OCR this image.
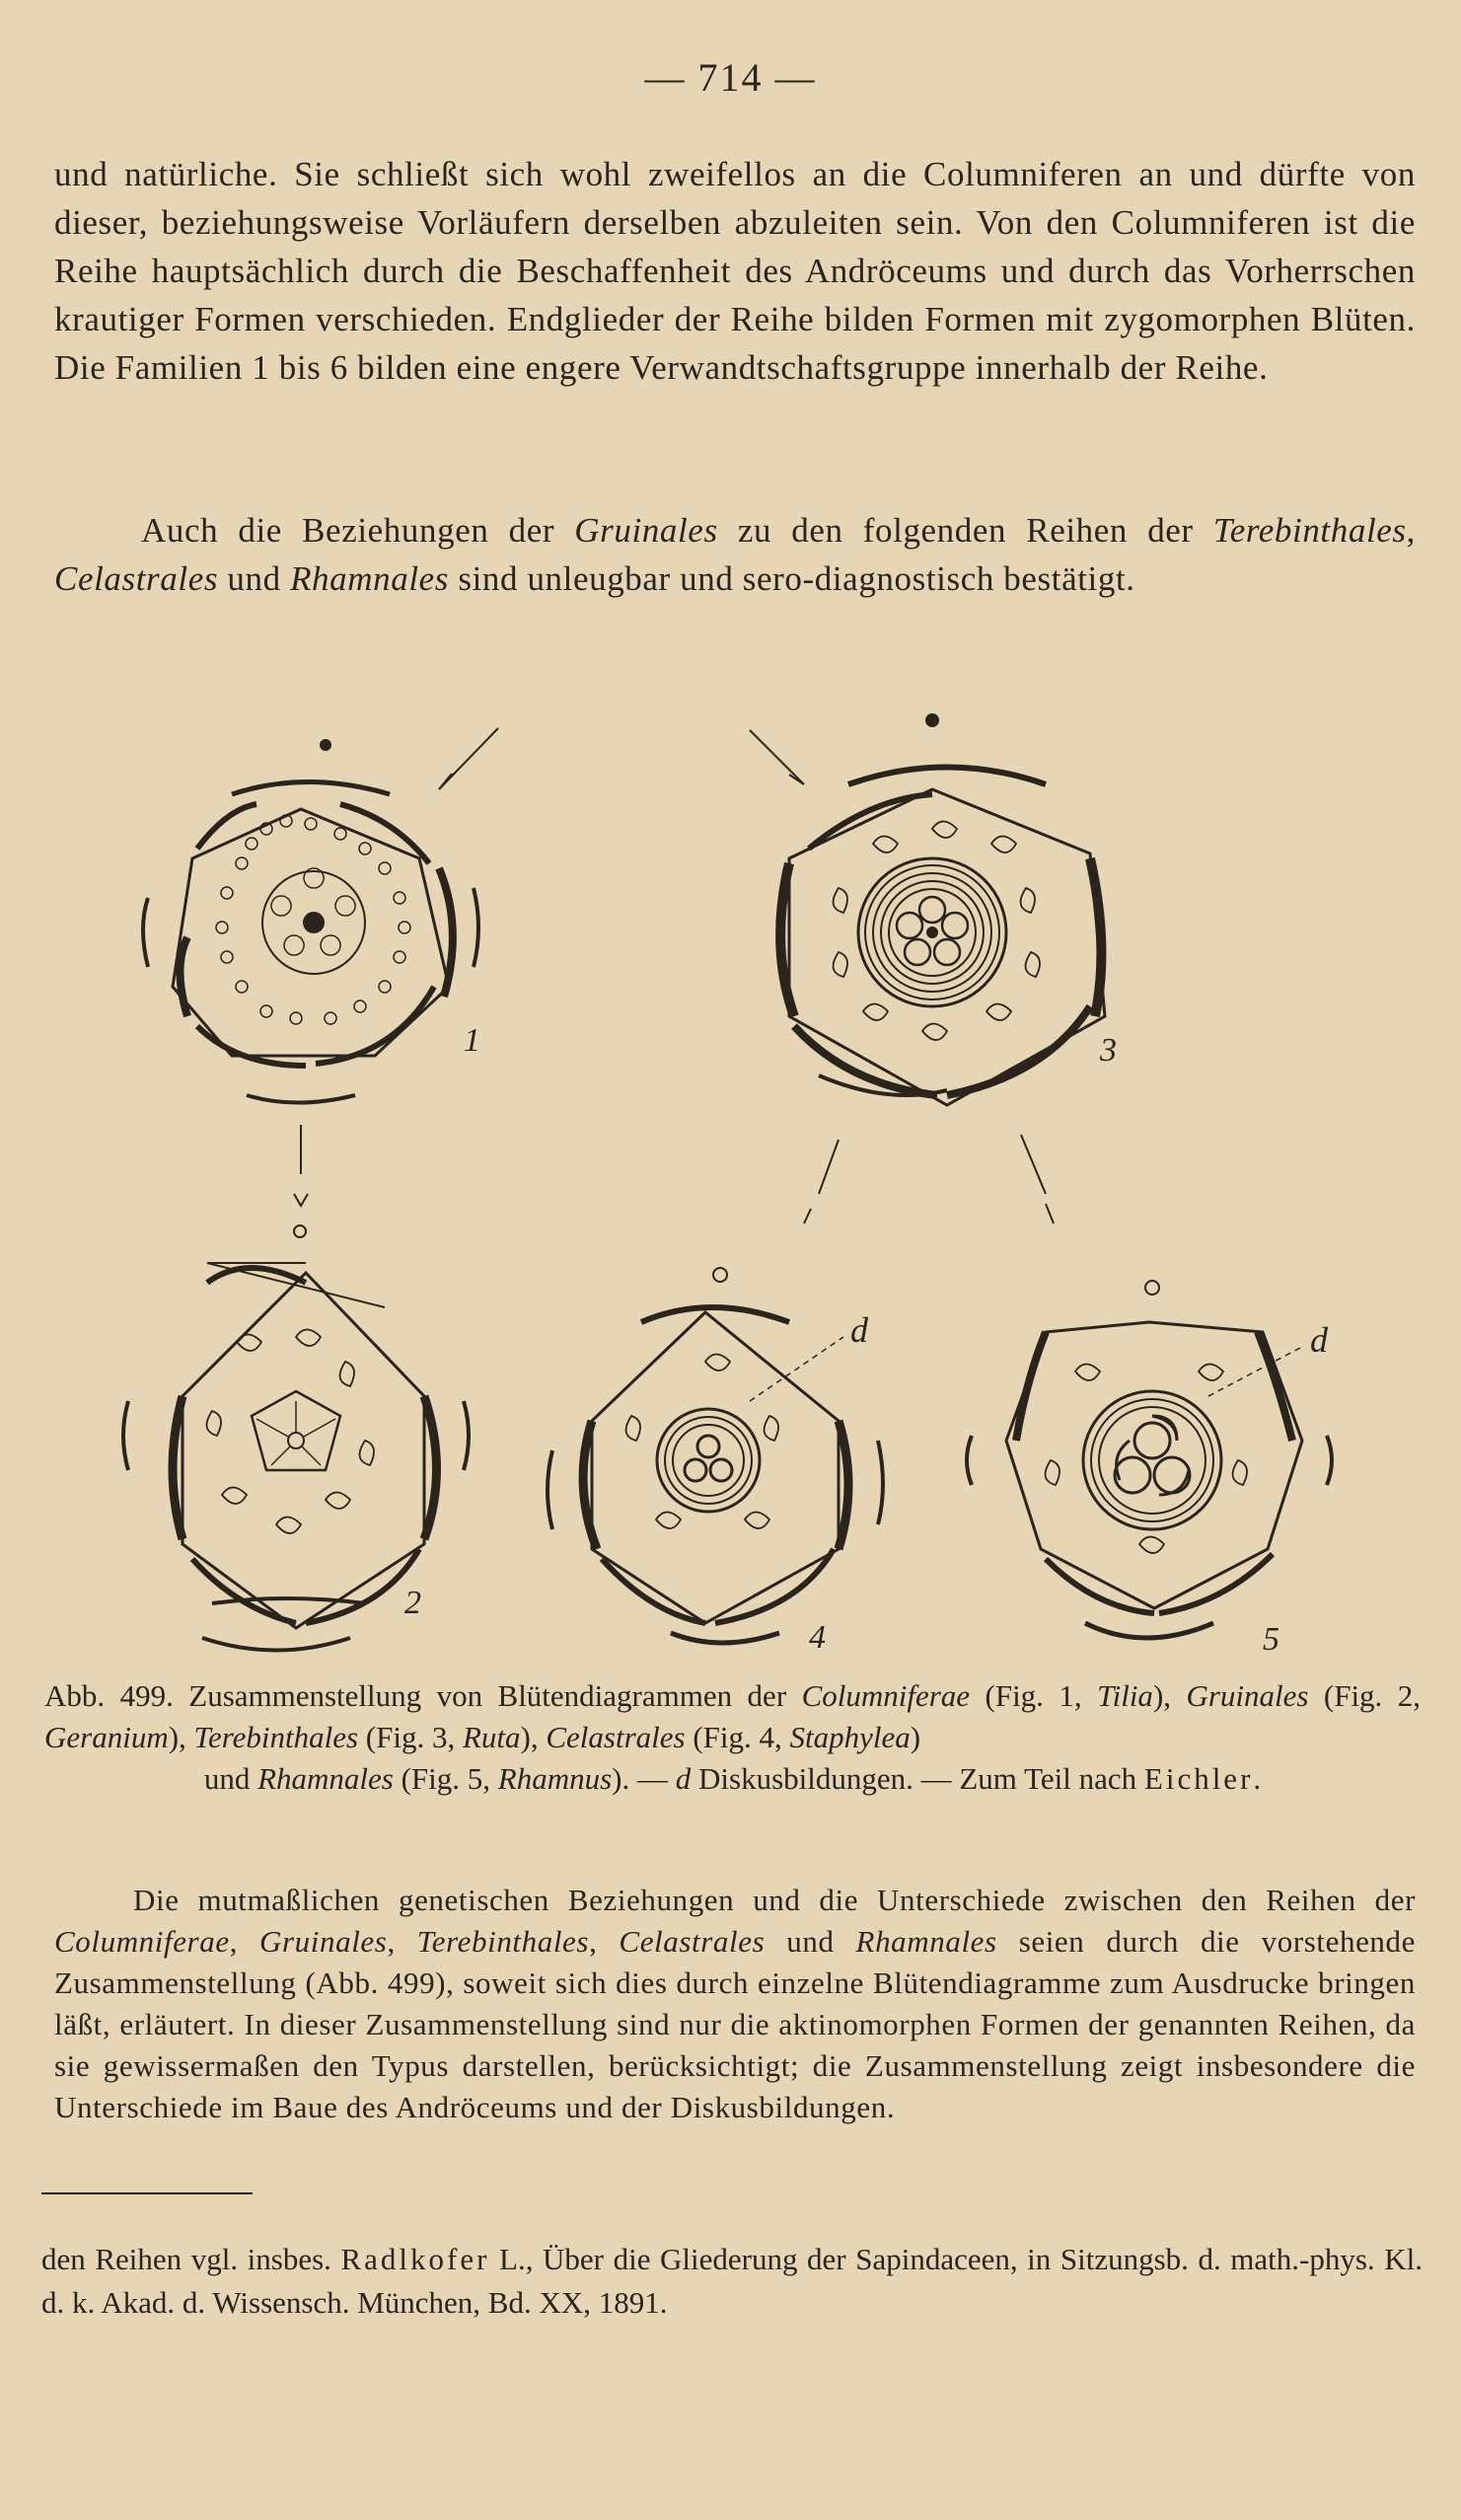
— 714 —
und natürliche. Sie schließt sich wohl zweifellos an die Columniferen an und dürfte von dieser, beziehungsweise Vorläufern derselben abzuleiten sein. Von den Columniferen ist die Reihe hauptsächlich durch die Beschaffenheit des Andröceums und durch das Vorherrschen krautiger Formen verschieden. Endglieder der Reihe bilden Formen mit zygomorphen Blüten. Die Familien 1 bis 6 bilden eine engere Verwandtschaftsgruppe innerhalb der Reihe.
Auch die Beziehungen der Gruinales zu den folgenden Reihen der Terebinthales, Celastrales und Rhamnales sind unleugbar und sero-diagnostisch bestätigt.
1	3
2
d
4
d
5
Abb. 499. Zusammenstellung von Blütendiagrammen der Columniferae (Fig. 1, Tilia), Gruinales (Fig. 2, Geranium), Terebinthales (Fig. 3, Ruta), Celastrales (Fig. 4, Staphylea)
und Rhamnales (Fig. 5, Rhamnus). — d Diskusbildungen. — Zum Teil nach Eichler.
Die mutmaßlichen genetischen Beziehungen und die Unterschiede zwischen den Reihen der Columniferae, Gruinales, Terebinthales, Celastrales und Rhamnales seien durch die vorstehende Zusammenstellung (Abb. 499), soweit sich dies durch einzelne Blütendiagramme zum Ausdrucke bringen läßt, erläutert. In dieser Zusammenstellung sind nur die aktinomorphen Formen der genannten Reihen, da sie gewissermaßen den Typus darstellen, berücksichtigt; die Zusammenstellung zeigt insbesondere die Unterschiede im Baue des Andröceums und der Diskusbildungen.
den Reihen vgl. insbes. Radlkofer L., Über die Gliederung der Sapindaceen, in Sitzungsb. d. math.-phys. Kl. d. k. Akad. d. Wissensch. München, Bd. XX, 1891.
